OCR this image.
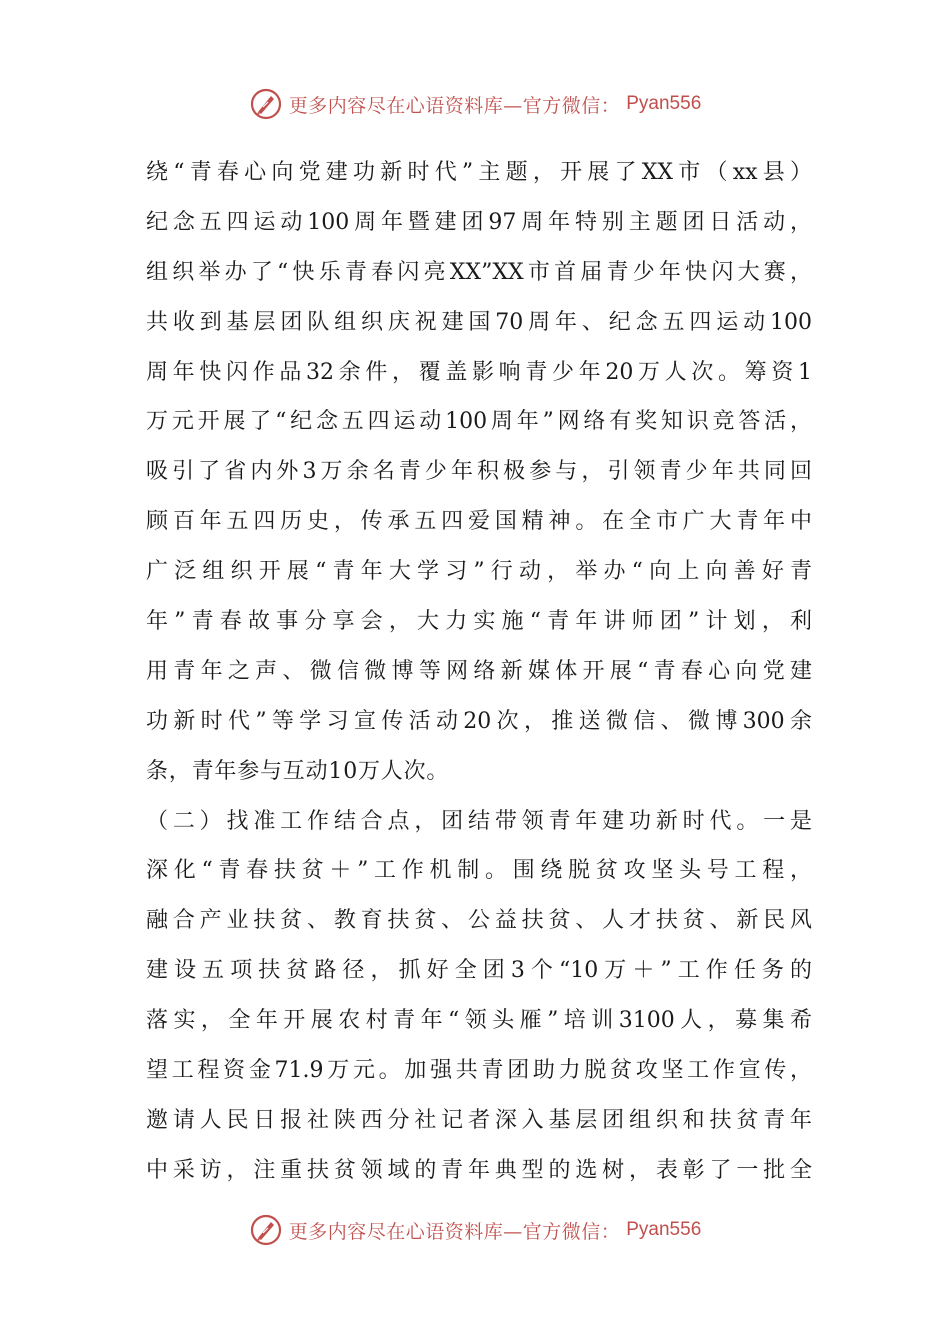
更多内容尽在心语资料库—官方微信： Pyan556
绕“青春心向党建功新时代”主题，开展了XX市（xx县）
纪念五四运动100周年暨建团97周年特别主题团日活动，
组织举办了“快乐青春闪亮XX”XX市首届青少年快闪大赛，
共收到基层团队组织庆祝建国70周年、纪念五四运动100
周年快闪作品32余件，覆盖影响青少年20万人次。筹资1
万元开展了“纪念五四运动100周年”网络有奖知识竞答活，
吸引了省内外3万余名青少年积极参与，引领青少年共同回
顾百年五四历史，传承五四爱国精神。在全市广大青年中
广泛组织开展“青年大学习”行动，举办“向上向善好青
年”青春故事分享会，大力实施“青年讲师团”计划，利
用青年之声、微信微博等网络新媒体开展“青春心向党建
功新时代”等学习宣传活动20次，推送微信、微博300余
条，青年参与互动10万人次。
（二）找准工作结合点，团结带领青年建功新时代。一是
深化“青春扶贫＋”工作机制。围绕脱贫攻坚头号工程，
融合产业扶贫、教育扶贫、公益扶贫、人才扶贫、新民风
建设五项扶贫路径，抓好全团3个“10万＋”工作任务的
落实，全年开展农村青年“领头雁”培训3100人，募集希
望工程资金71.9万元。加强共青团助力脱贫攻坚工作宣传，
邀请人民日报社陕西分社记者深入基层团组织和扶贫青年
中采访，注重扶贫领域的青年典型的选树，表彰了一批全
更多内容尽在心语资料库—官方微信： Pyan556
